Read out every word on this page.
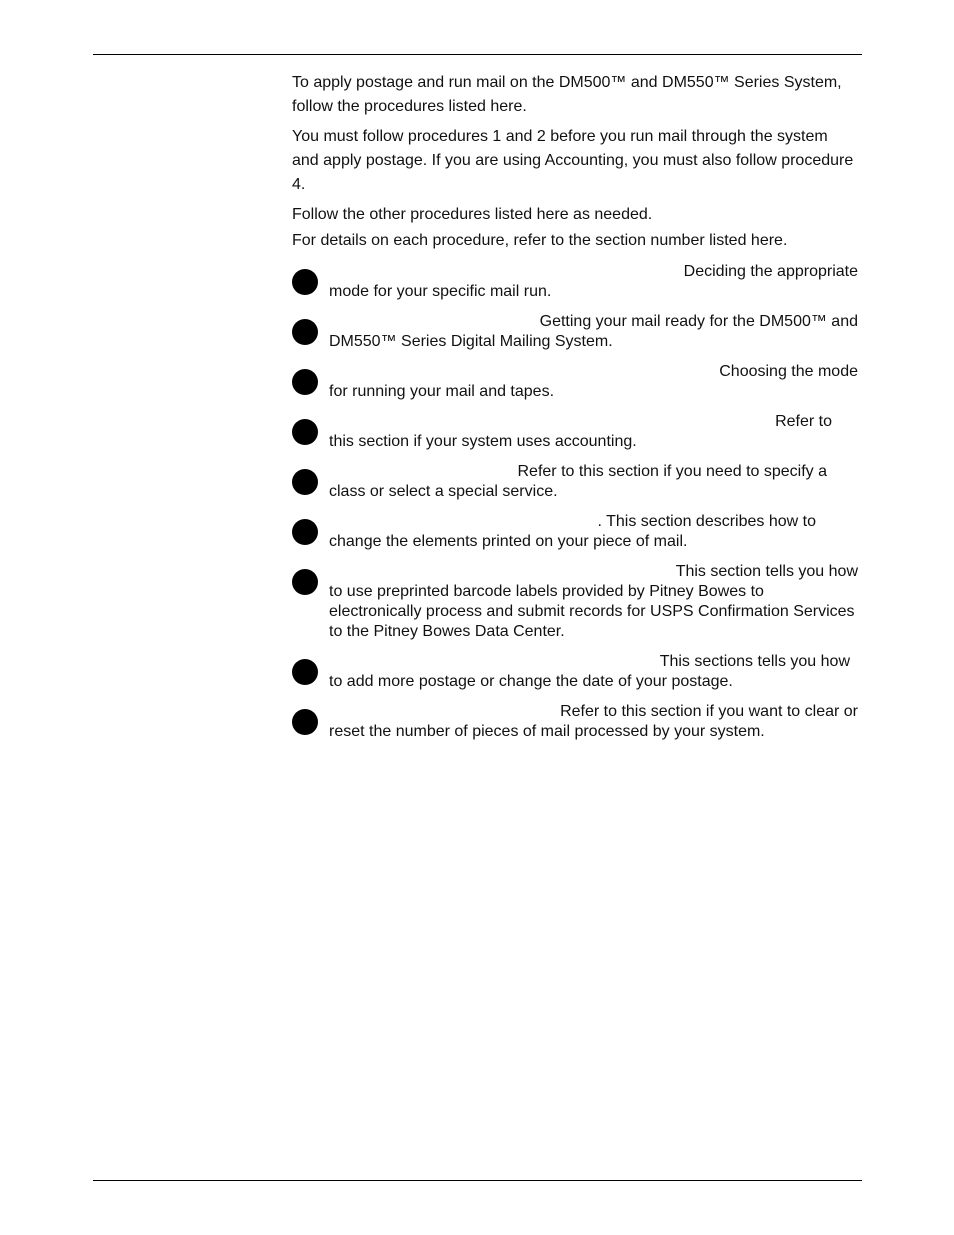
To apply postage and run mail on the DM500™ and DM550™ Series System, follow the procedures listed here.

You must follow procedures 1 and 2 before you run mail through the system and apply postage. If you are using Accounting, you must also follow procedure 4.

Follow the other procedures listed here as needed.

For details on each procedure, refer to the section number listed here.

Deciding the appropriate
mode for your specific mail run.
Getting your mail ready for the DM500™ and
DM550™ Series Digital Mailing System.
Choosing the mode
for running your mail and tapes.
Refer to
this section if your system uses accounting.
Refer to this section if you need to specify a
class or select a special service.
. This section describes how to
change the elements printed on your piece of mail.
This section tells you how
to use preprinted barcode labels provided by Pitney Bowes to electronically process and submit records for USPS Confirmation Services to the Pitney Bowes Data Center.
This sections tells you how
to add more postage or change the date of your postage.
Refer to this section if you want to clear or
reset the number of pieces of mail processed by your system.
